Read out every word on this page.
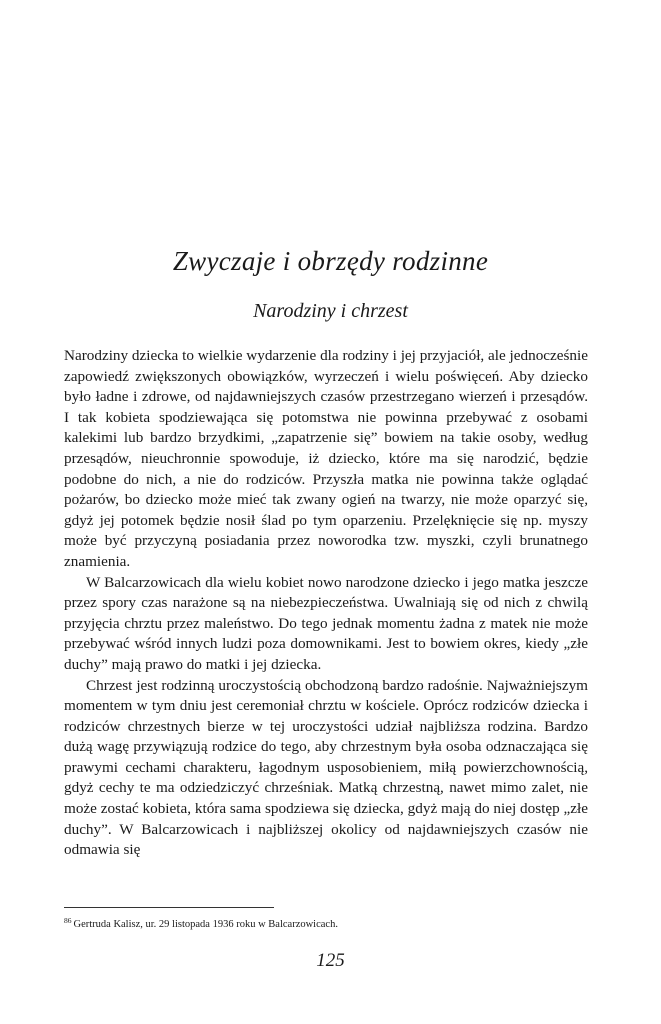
Zwyczaje i obrzędy rodzinne
Narodziny i chrzest

Narodziny dziecka to wielkie wydarzenie dla rodziny i jej przyjaciół, ale jednocześnie zapowiedź zwiększonych obowiązków, wyrzeczeń i wielu poświęceń. Aby dziecko było ładne i zdrowe, od najdawniejszych czasów przestrzegano wierzeń i przesądów. I tak kobieta spodziewająca się potomstwa nie powinna przebywać z osobami kalekimi lub bardzo brzydkimi, „zapatrzenie się” bowiem na takie osoby, według przesądów, nieuchronnie spowoduje, iż dziecko, które ma się narodzić, będzie podobne do nich, a nie do rodziców. Przyszła matka nie powinna także oglądać pożarów, bo dziecko może mieć tak zwany ogień na twarzy, nie może oparzyć się, gdyż jej potomek będzie nosił ślad po tym oparzeniu. Przelęknięcie się np. myszy może być przyczyną posiadania przez noworodka tzw. myszki, czyli brunatnego znamienia.

W Balcarzowicach dla wielu kobiet nowo narodzone dziecko i jego matka jeszcze przez spory czas narażone są na niebezpieczeństwa. Uwalniają się od nich z chwilą przyjęcia chrztu przez maleństwo. Do tego jednak momentu żadna z matek nie może przebywać wśród innych ludzi poza domownikami. Jest to bowiem okres, kiedy „złe duchy” mają prawo do matki i jej dziecka.

Chrzest jest rodzinną uroczystością obchodzoną bardzo radośnie. Najważniejszym momentem w tym dniu jest ceremoniał chrztu w kościele. Oprócz rodziców dziecka i rodziców chrzestnych bierze w tej uroczystości udział najbliższa rodzina. Bardzo dużą wagę przywiązują rodzice do tego, aby chrzestnym była osoba odznaczająca się prawymi cechami charakteru, łagodnym usposobieniem, miłą powierzchownością, gdyż cechy te ma odziedziczyć chrześniak. Matką chrzestną, nawet mimo zalet, nie może zostać kobieta, która sama spodziewa się dziecka, gdyż mają do niej dostęp „złe duchy”. W Balcarzowicach i najbliższej okolicy od najdawniejszych czasów nie odmawia się

$^{86}$ Gertruda Kalisz, ur. 29 listopada 1936 roku w Balcarzowicach.
125
